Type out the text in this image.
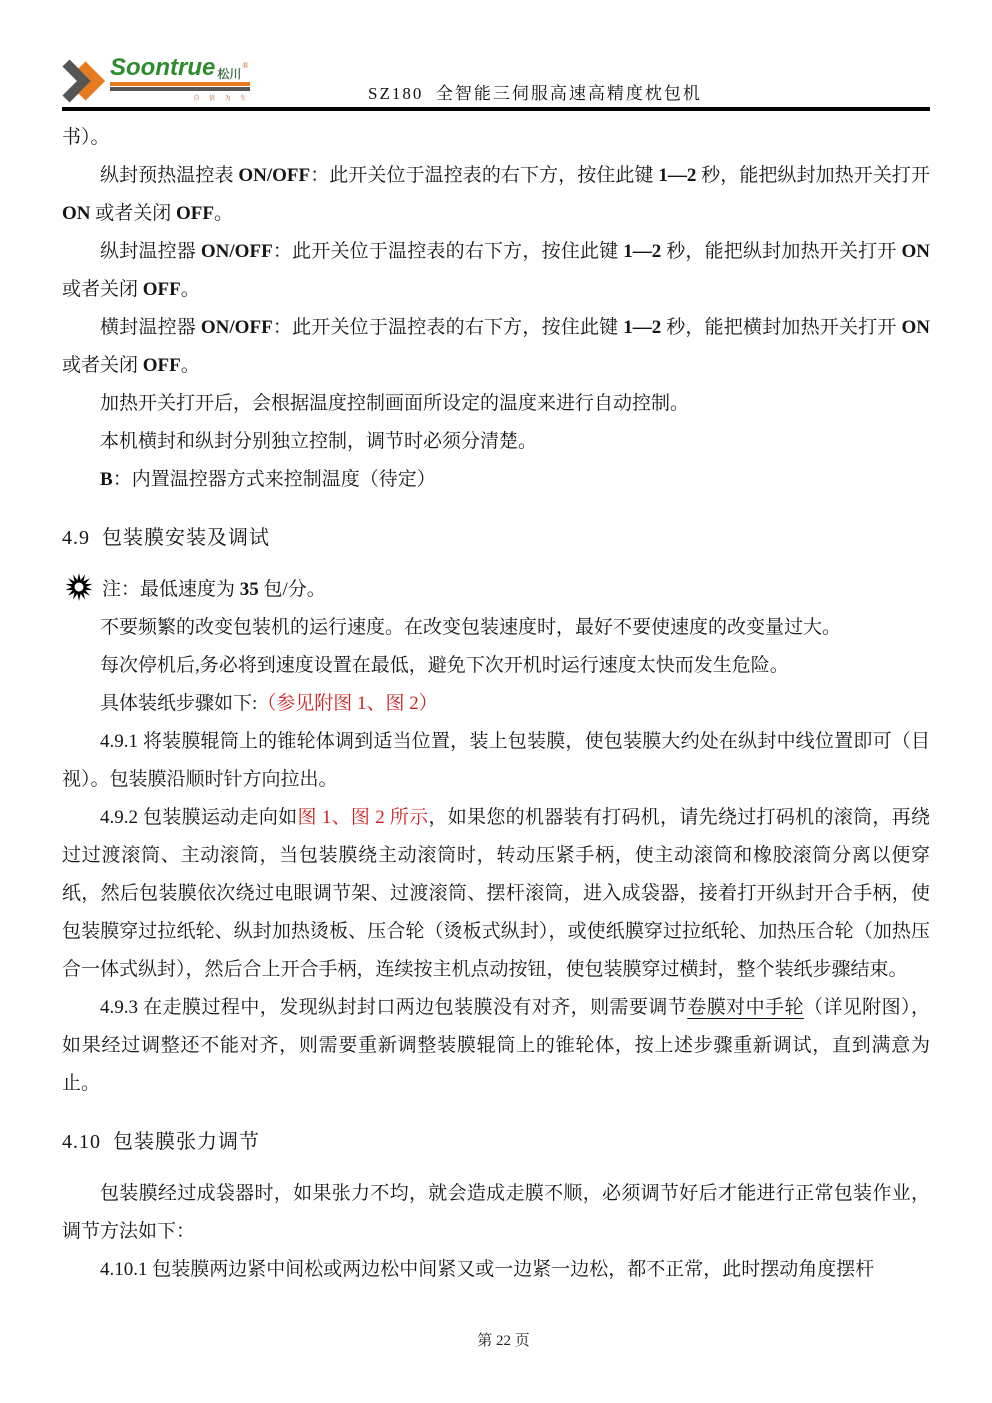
Soontrue 松川
®
自 信 为 生	SZ180  全智能三伺服高速高精度枕包机
书）。
纵封预热温控表 ON/OFF：此开关位于温控表的右下方，按住此键 1—2 秒，能把纵封加热开关打开 ON 或者关闭 OFF。
纵封温控器 ON/OFF：此开关位于温控表的右下方，按住此键 1—2 秒，能把纵封加热开关打开 ON 或者关闭 OFF。
横封温控器 ON/OFF：此开关位于温控表的右下方，按住此键 1—2 秒，能把横封加热开关打开 ON 或者关闭 OFF。
加热开关打开后，会根据温度控制画面所设定的温度来进行自动控制。
本机横封和纵封分别独立控制，调节时必须分清楚。
B：内置温控器方式来控制温度（待定）
4.9  包装膜安装及调试
注：最低速度为 35 包/分。
不要频繁的改变包装机的运行速度。在改变包装速度时，最好不要使速度的改变量过大。
每次停机后,务必将到速度设置在最低，避免下次开机时运行速度太快而发生危险。
具体装纸步骤如下:（参见附图 1、图 2）
4.9.1 将装膜辊筒上的锥轮体调到适当位置，装上包装膜，使包装膜大约处在纵封中线位置即可（目视）。包装膜沿顺时针方向拉出。
4.9.2 包装膜运动走向如图 1、图 2 所示，如果您的机器装有打码机，请先绕过打码机的滚筒，再绕过过渡滚筒、主动滚筒，当包装膜绕主动滚筒时，转动压紧手柄，使主动滚筒和橡胶滚筒分离以便穿纸，然后包装膜依次绕过电眼调节架、过渡滚筒、摆杆滚筒，进入成袋器，接着打开纵封开合手柄，使包装膜穿过拉纸轮、纵封加热烫板、压合轮（烫板式纵封），或使纸膜穿过拉纸轮、加热压合轮（加热压合一体式纵封），然后合上开合手柄，连续按主机点动按钮，使包装膜穿过横封，整个装纸步骤结束。
4.9.3 在走膜过程中，发现纵封封口两边包装膜没有对齐，则需要调节卷膜对中手轮（详见附图），如果经过调整还不能对齐，则需要重新调整装膜辊筒上的锥轮体，按上述步骤重新调试，直到满意为止。
4.10  包装膜张力调节
包装膜经过成袋器时，如果张力不均，就会造成走膜不顺，必须调节好后才能进行正常包装作业，调节方法如下：
4.10.1 包装膜两边紧中间松或两边松中间紧又或一边紧一边松，都不正常，此时摆动角度摆杆

第 22 页
